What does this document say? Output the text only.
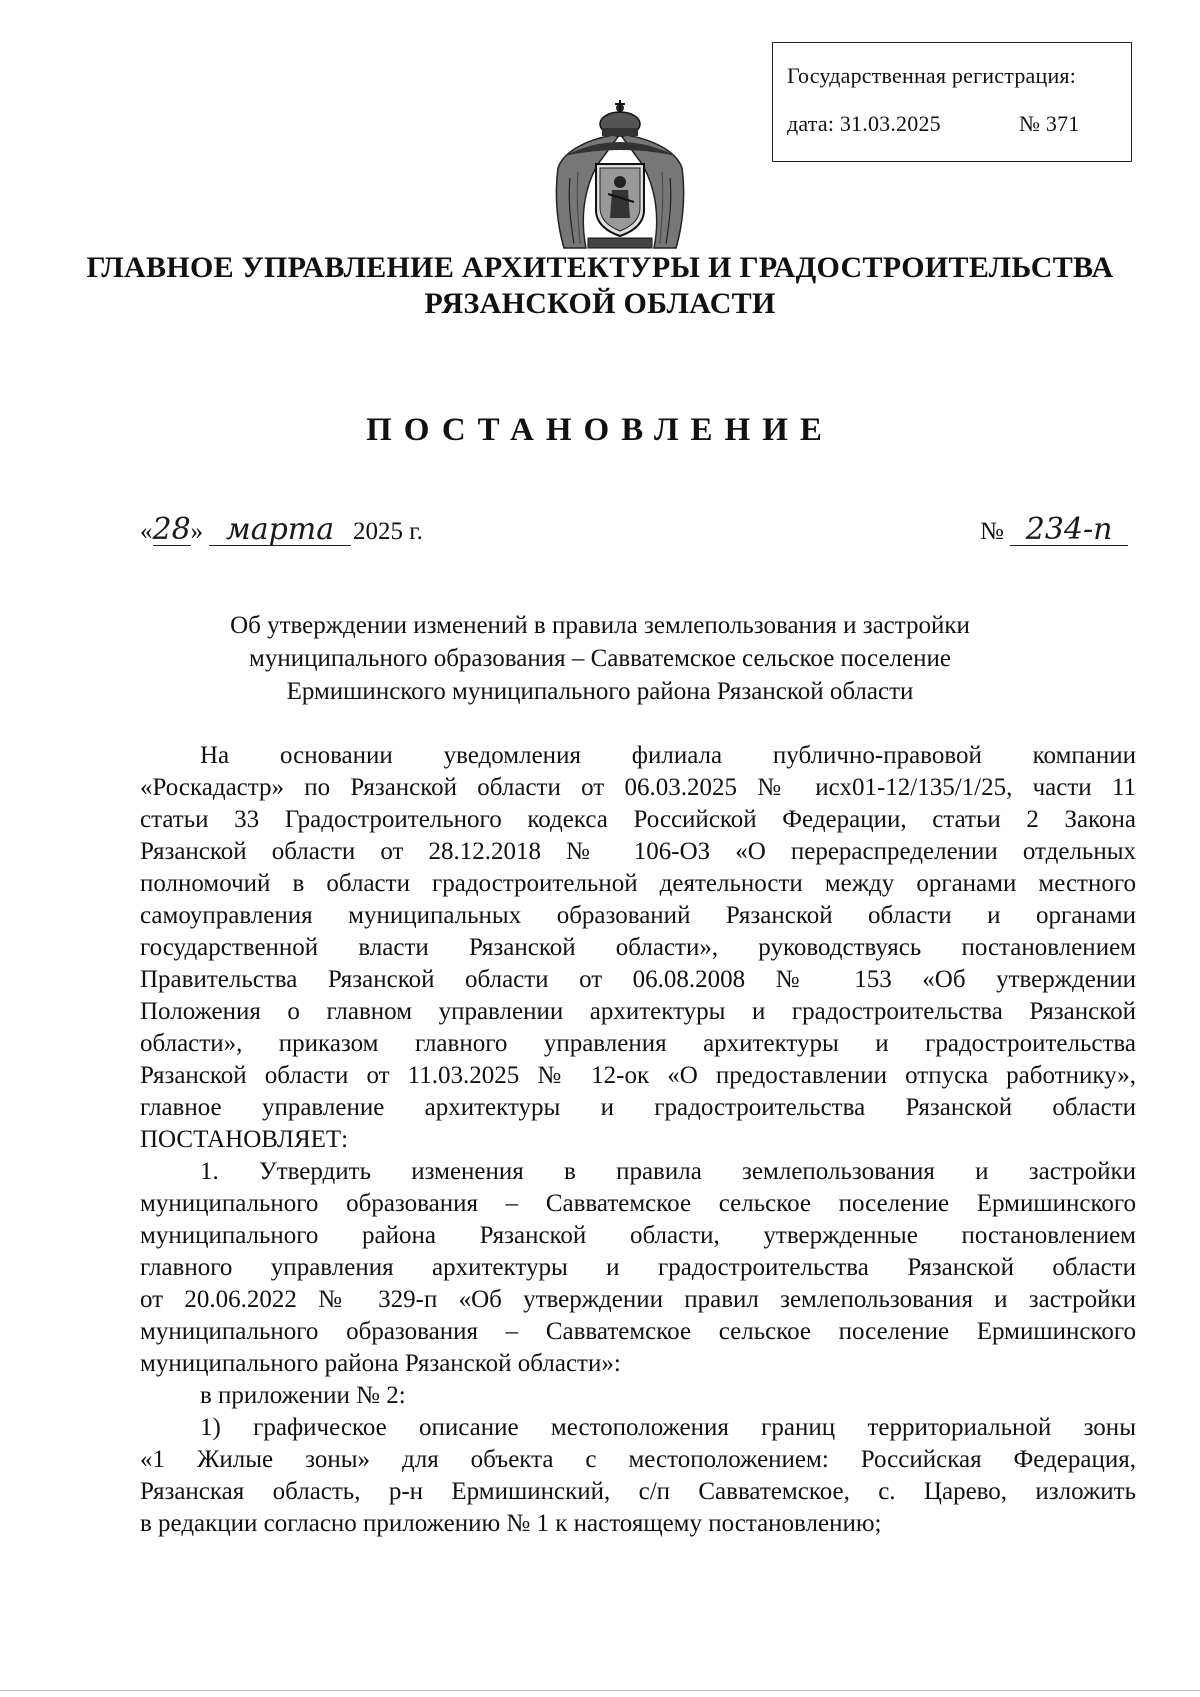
Государственная регистрация:
дата: 31.03.2025	№ 371
ГЛАВНОЕ УПРАВЛЕНИЕ АРХИТЕКТУРЫ И ГРАДОСТРОИТЕЛЬСТВА
РЯЗАНСКОЙ ОБЛАСТИ
ПОСТАНОВЛЕНИЕ
«28» марта 2025 г.	№ 234-п
Об утверждении изменений в правила землепользования и застройки
муниципального образования – Савватемское сельское поселение
Ермишинского муниципального района Рязанской области
На основании уведомления филиала публично-правовой компании
«Роскадастр» по Рязанской области от 06.03.2025 № исх01-12/135/1/25, части 11
статьи 33 Градостроительного кодекса Российской Федерации, статьи 2 Закона
Рязанской области от 28.12.2018 № 106-ОЗ «О перераспределении отдельных
полномочий в области градостроительной деятельности между органами местного
самоуправления муниципальных образований Рязанской области и органами
государственной власти Рязанской области», руководствуясь постановлением
Правительства Рязанской области от 06.08.2008 № 153 «Об утверждении
Положения о главном управлении архитектуры и градостроительства Рязанской
области», приказом главного управления архитектуры и градостроительства
Рязанской области от 11.03.2025 № 12-ок «О предоставлении отпуска работнику»,
главное управление архитектуры и градостроительства Рязанской области
ПОСТАНОВЛЯЕТ:
1. Утвердить изменения в правила землепользования и застройки
муниципального образования – Савватемское сельское поселение Ермишинского
муниципального района Рязанской области, утвержденные постановлением
главного управления архитектуры и градостроительства Рязанской области
от 20.06.2022 № 329-п «Об утверждении правил землепользования и застройки
муниципального образования – Савватемское сельское поселение Ермишинского
муниципального района Рязанской области»:
в приложении № 2:
1) графическое описание местоположения границ территориальной зоны
«1 Жилые зоны» для объекта с местоположением: Российская Федерация,
Рязанская область, р-н Ермишинский, с/п Савватемское, с. Царево, изложить
в редакции согласно приложению № 1 к настоящему постановлению;
